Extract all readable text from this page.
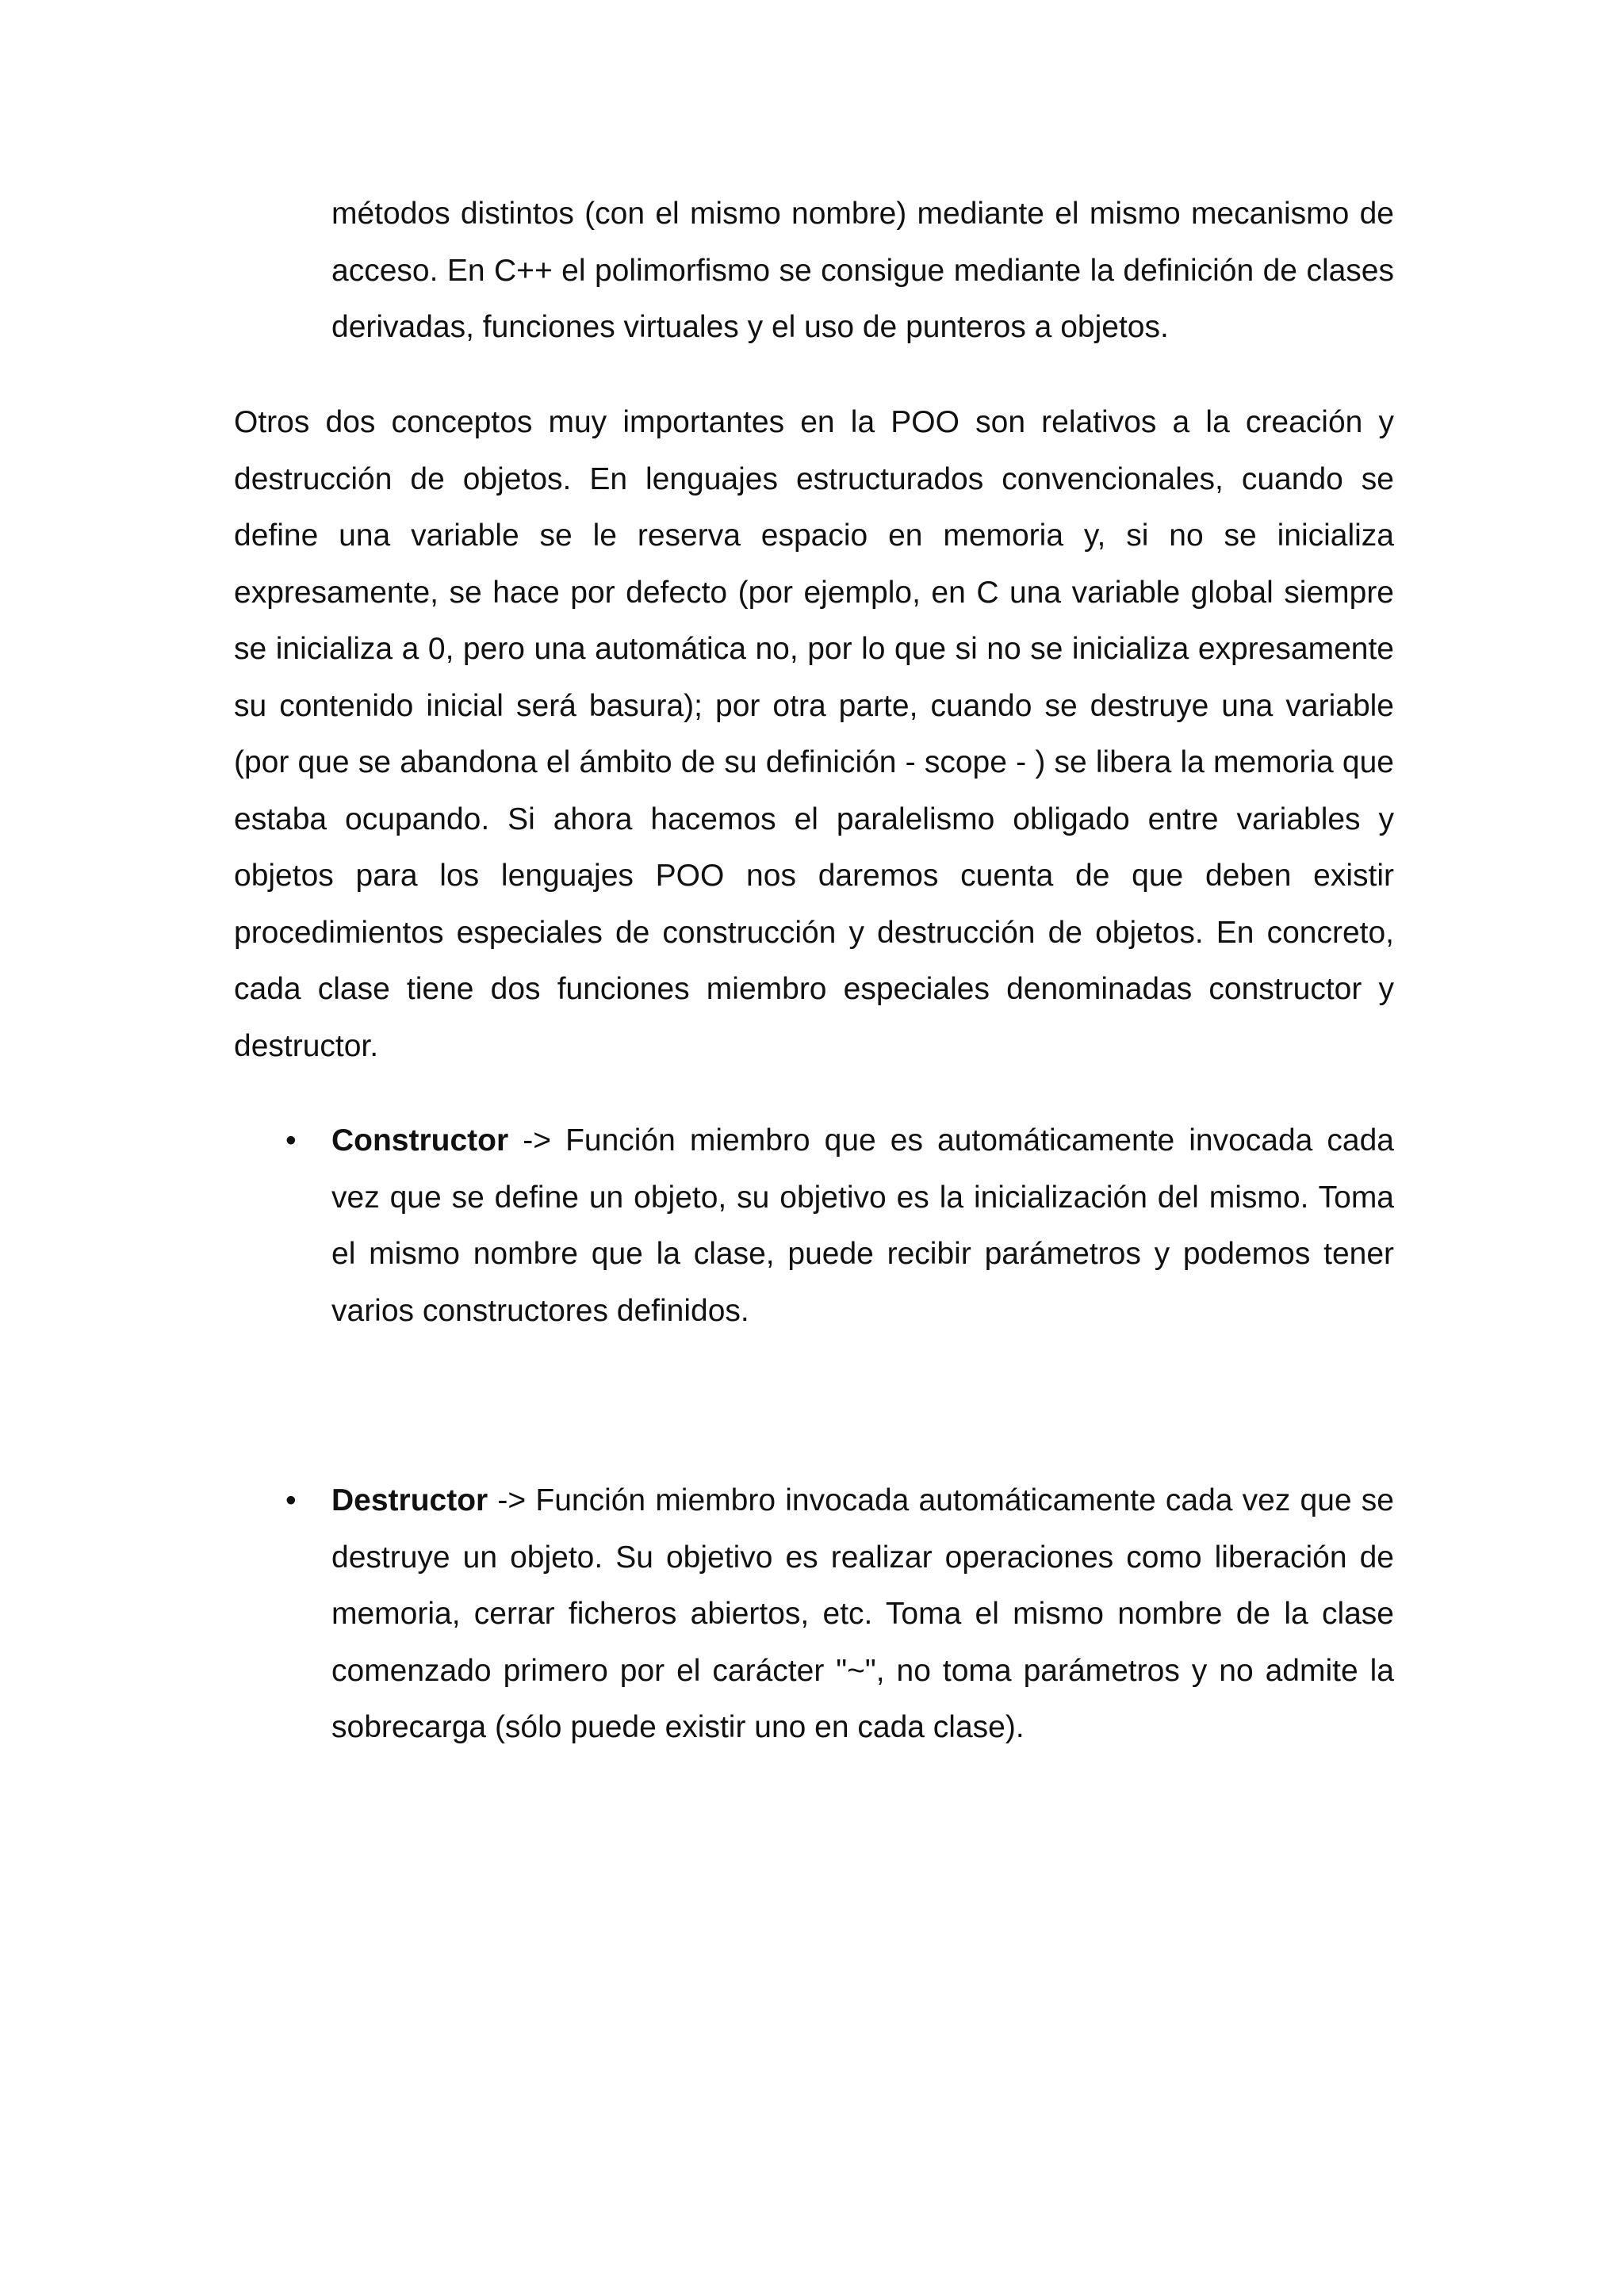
métodos distintos (con el mismo nombre) mediante el mismo mecanismo de acceso. En C++ el polimorfismo se consigue mediante la definición de clases derivadas, funciones virtuales y el uso de punteros a objetos.

Otros dos conceptos muy importantes en la POO son relativos a la creación y destrucción de objetos. En lenguajes estructurados convencionales, cuando se define una variable se le reserva espacio en memoria y, si no se inicializa expresamente, se hace por defecto (por ejemplo, en C una variable global siempre se inicializa a 0, pero una automática no, por lo que si no se inicializa expresamente su contenido inicial será basura); por otra parte, cuando se destruye una variable (por que se abandona el ámbito de su definición - scope - ) se libera la memoria que estaba ocupando. Si ahora hacemos el paralelismo obligado entre variables y objetos para los lenguajes POO nos daremos cuenta de que deben existir procedimientos especiales de construcción y destrucción de objetos. En concreto, cada clase tiene dos funciones miembro especiales denominadas constructor y destructor.

• Constructor -> Función miembro que es automáticamente invocada cada vez que se define un objeto, su objetivo es la inicialización del mismo. Toma el mismo nombre que la clase, puede recibir parámetros y podemos tener varios constructores definidos.

• Destructor -> Función miembro invocada automáticamente cada vez que se destruye un objeto. Su objetivo es realizar operaciones como liberación de memoria, cerrar ficheros abiertos, etc. Toma el mismo nombre de la clase comenzado primero por el carácter "~", no toma parámetros y no admite la sobrecarga (sólo puede existir uno en cada clase).
